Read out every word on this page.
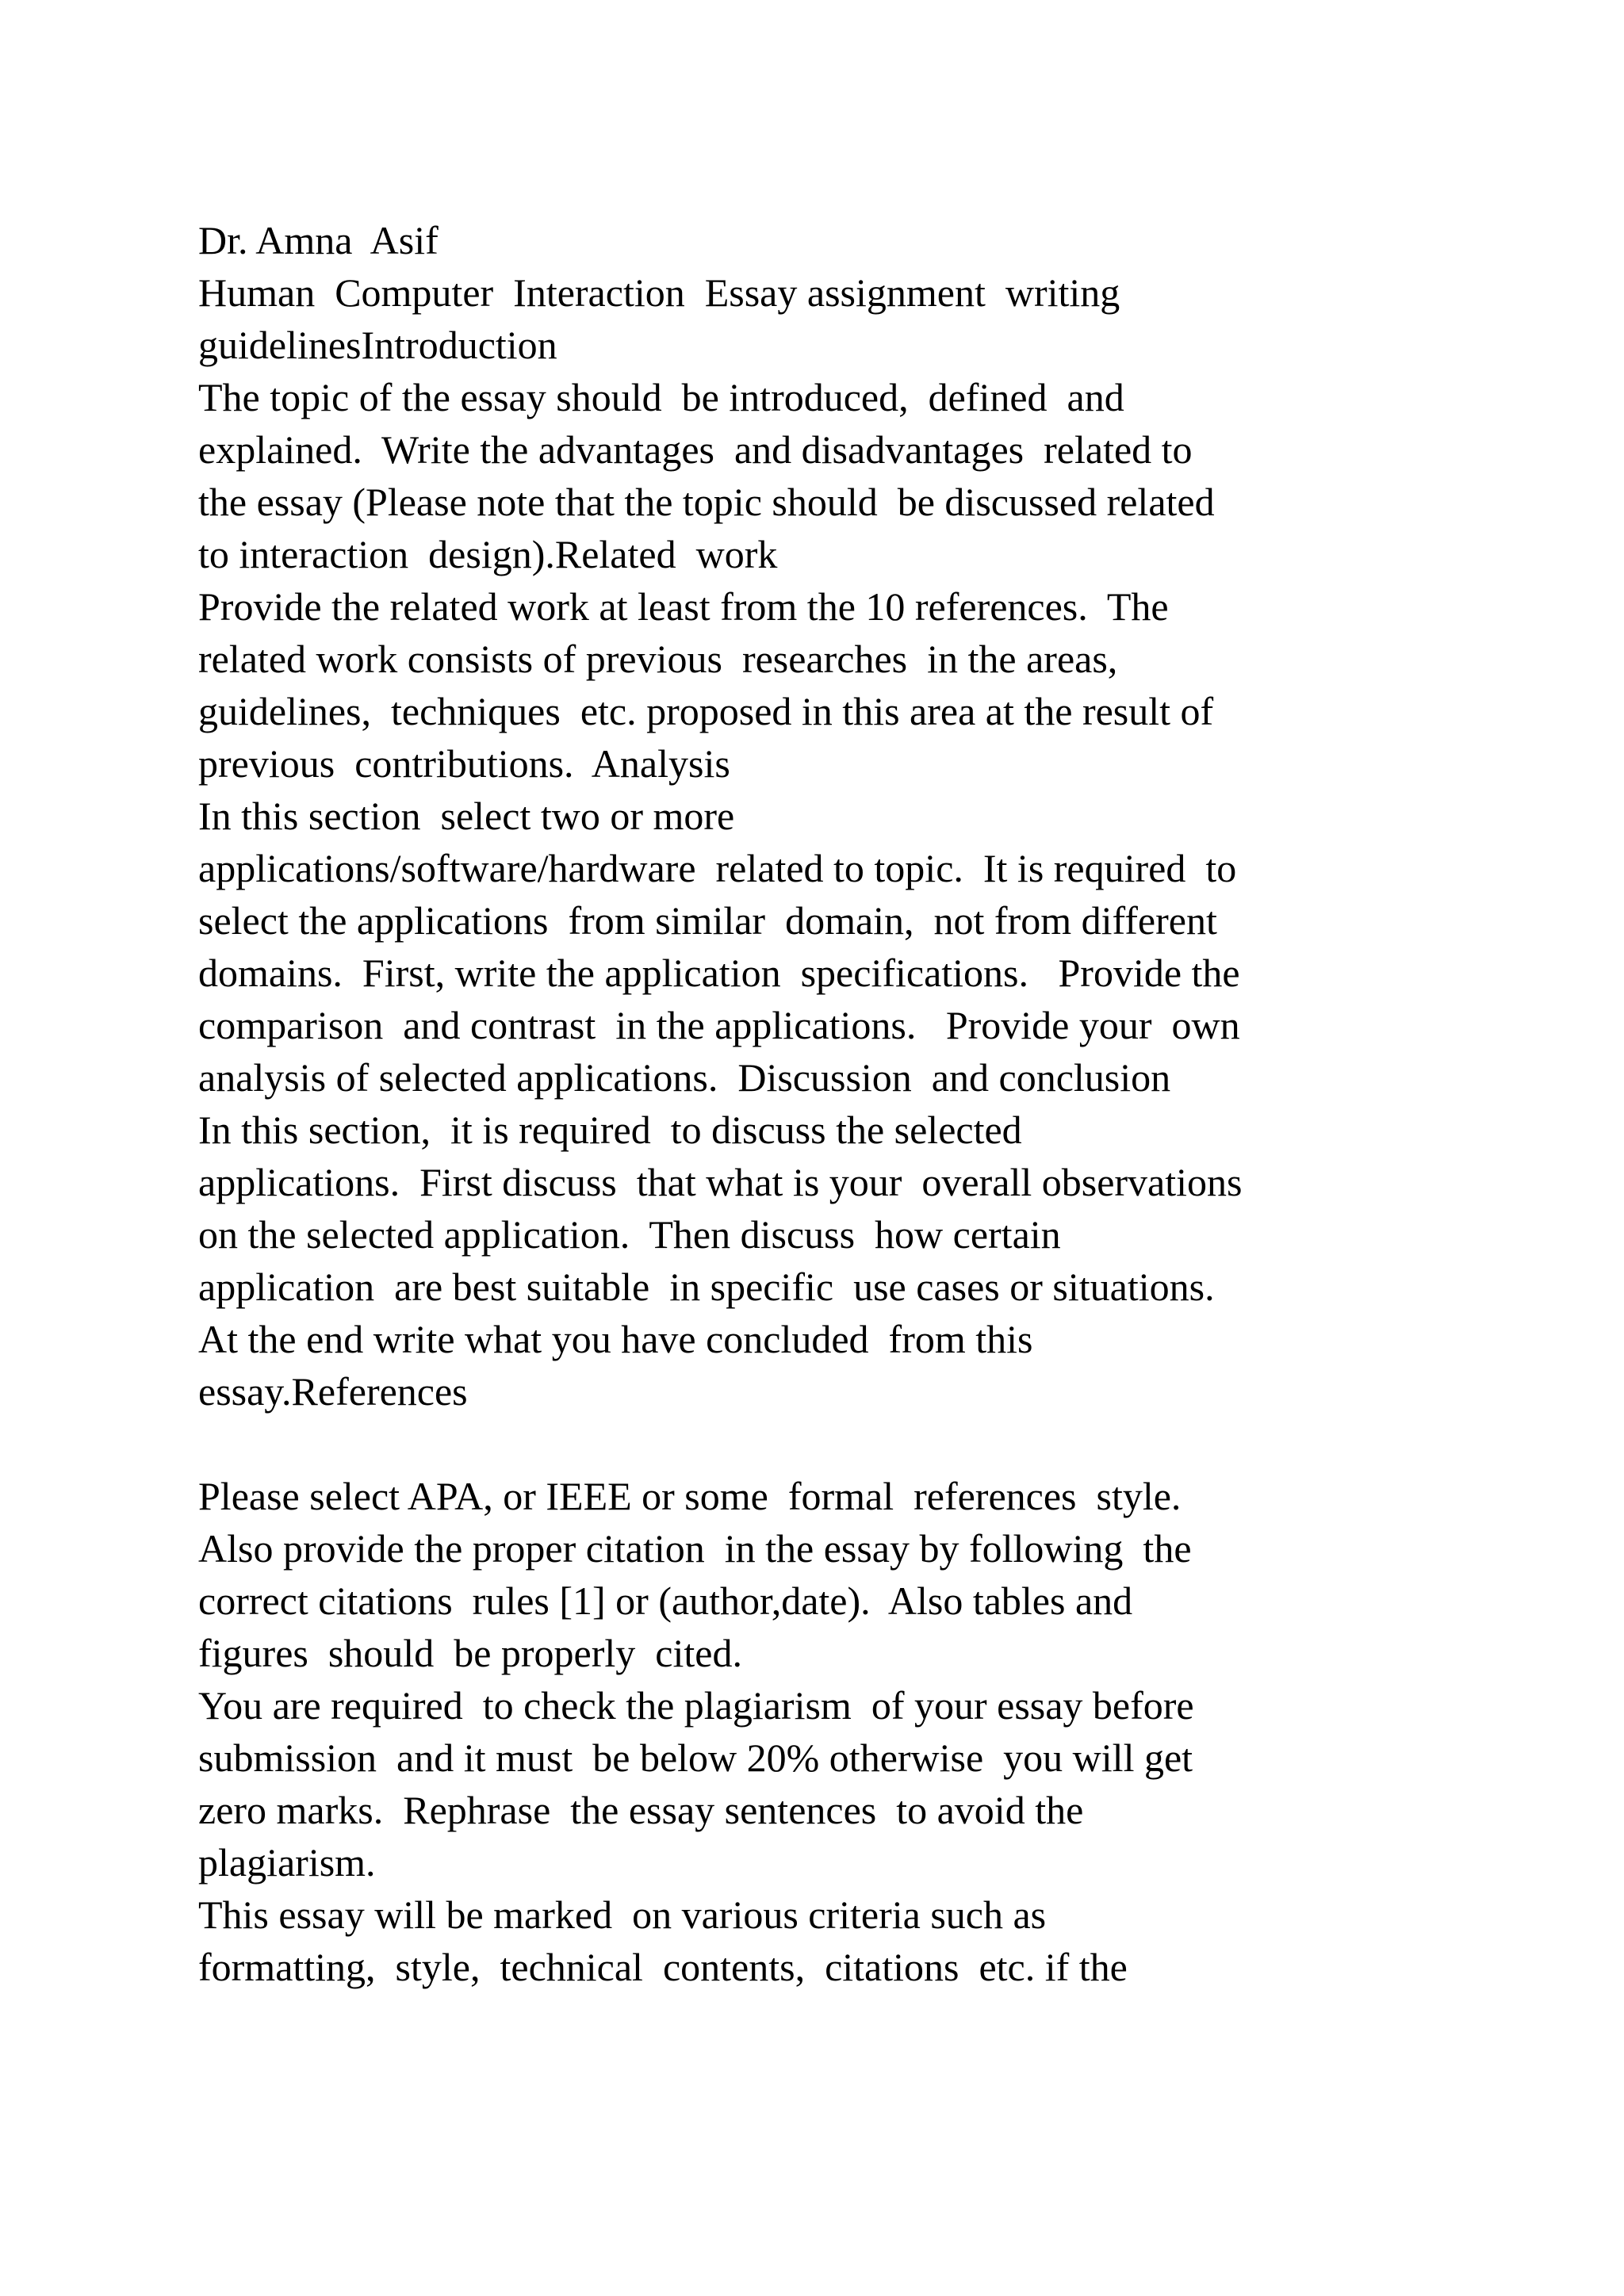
Dr. Amna  Asif
Human  Computer  Interaction  Essay assignment  writing
guidelinesIntroduction
The topic of the essay should  be introduced,  defined  and
explained.  Write the advantages  and disadvantages  related to
the essay (Please note that the topic should  be discussed related
to interaction  design).Related  work
Provide the related work at least from the 10 references.  The
related work consists of previous  researches  in the areas,
guidelines,  techniques  etc. proposed in this area at the result of
previous  contributions.  Analysis
In this section  select two or more
applications/software/hardware  related to topic.  It is required  to
select the applications  from similar  domain,  not from different
domains.  First, write the application  specifications.   Provide the
comparison  and contrast  in the applications.   Provide your  own
analysis of selected applications.  Discussion  and conclusion
In this section,  it is required  to discuss the selected
applications.  First discuss  that what is your  overall observations
on the selected application.  Then discuss  how certain
application  are best suitable  in specific  use cases or situations.
At the end write what you have concluded  from this
essay.References
Please select APA, or IEEE or some  formal  references  style.
Also provide the proper citation  in the essay by following  the
correct citations  rules [1] or (author,date).  Also tables and
figures  should  be properly  cited.
You are required  to check the plagiarism  of your essay before
submission  and it must  be below 20% otherwise  you will get
zero marks.  Rephrase  the essay sentences  to avoid the
plagiarism.
This essay will be marked  on various criteria such as
formatting,  style,  technical  contents,  citations  etc. if the
